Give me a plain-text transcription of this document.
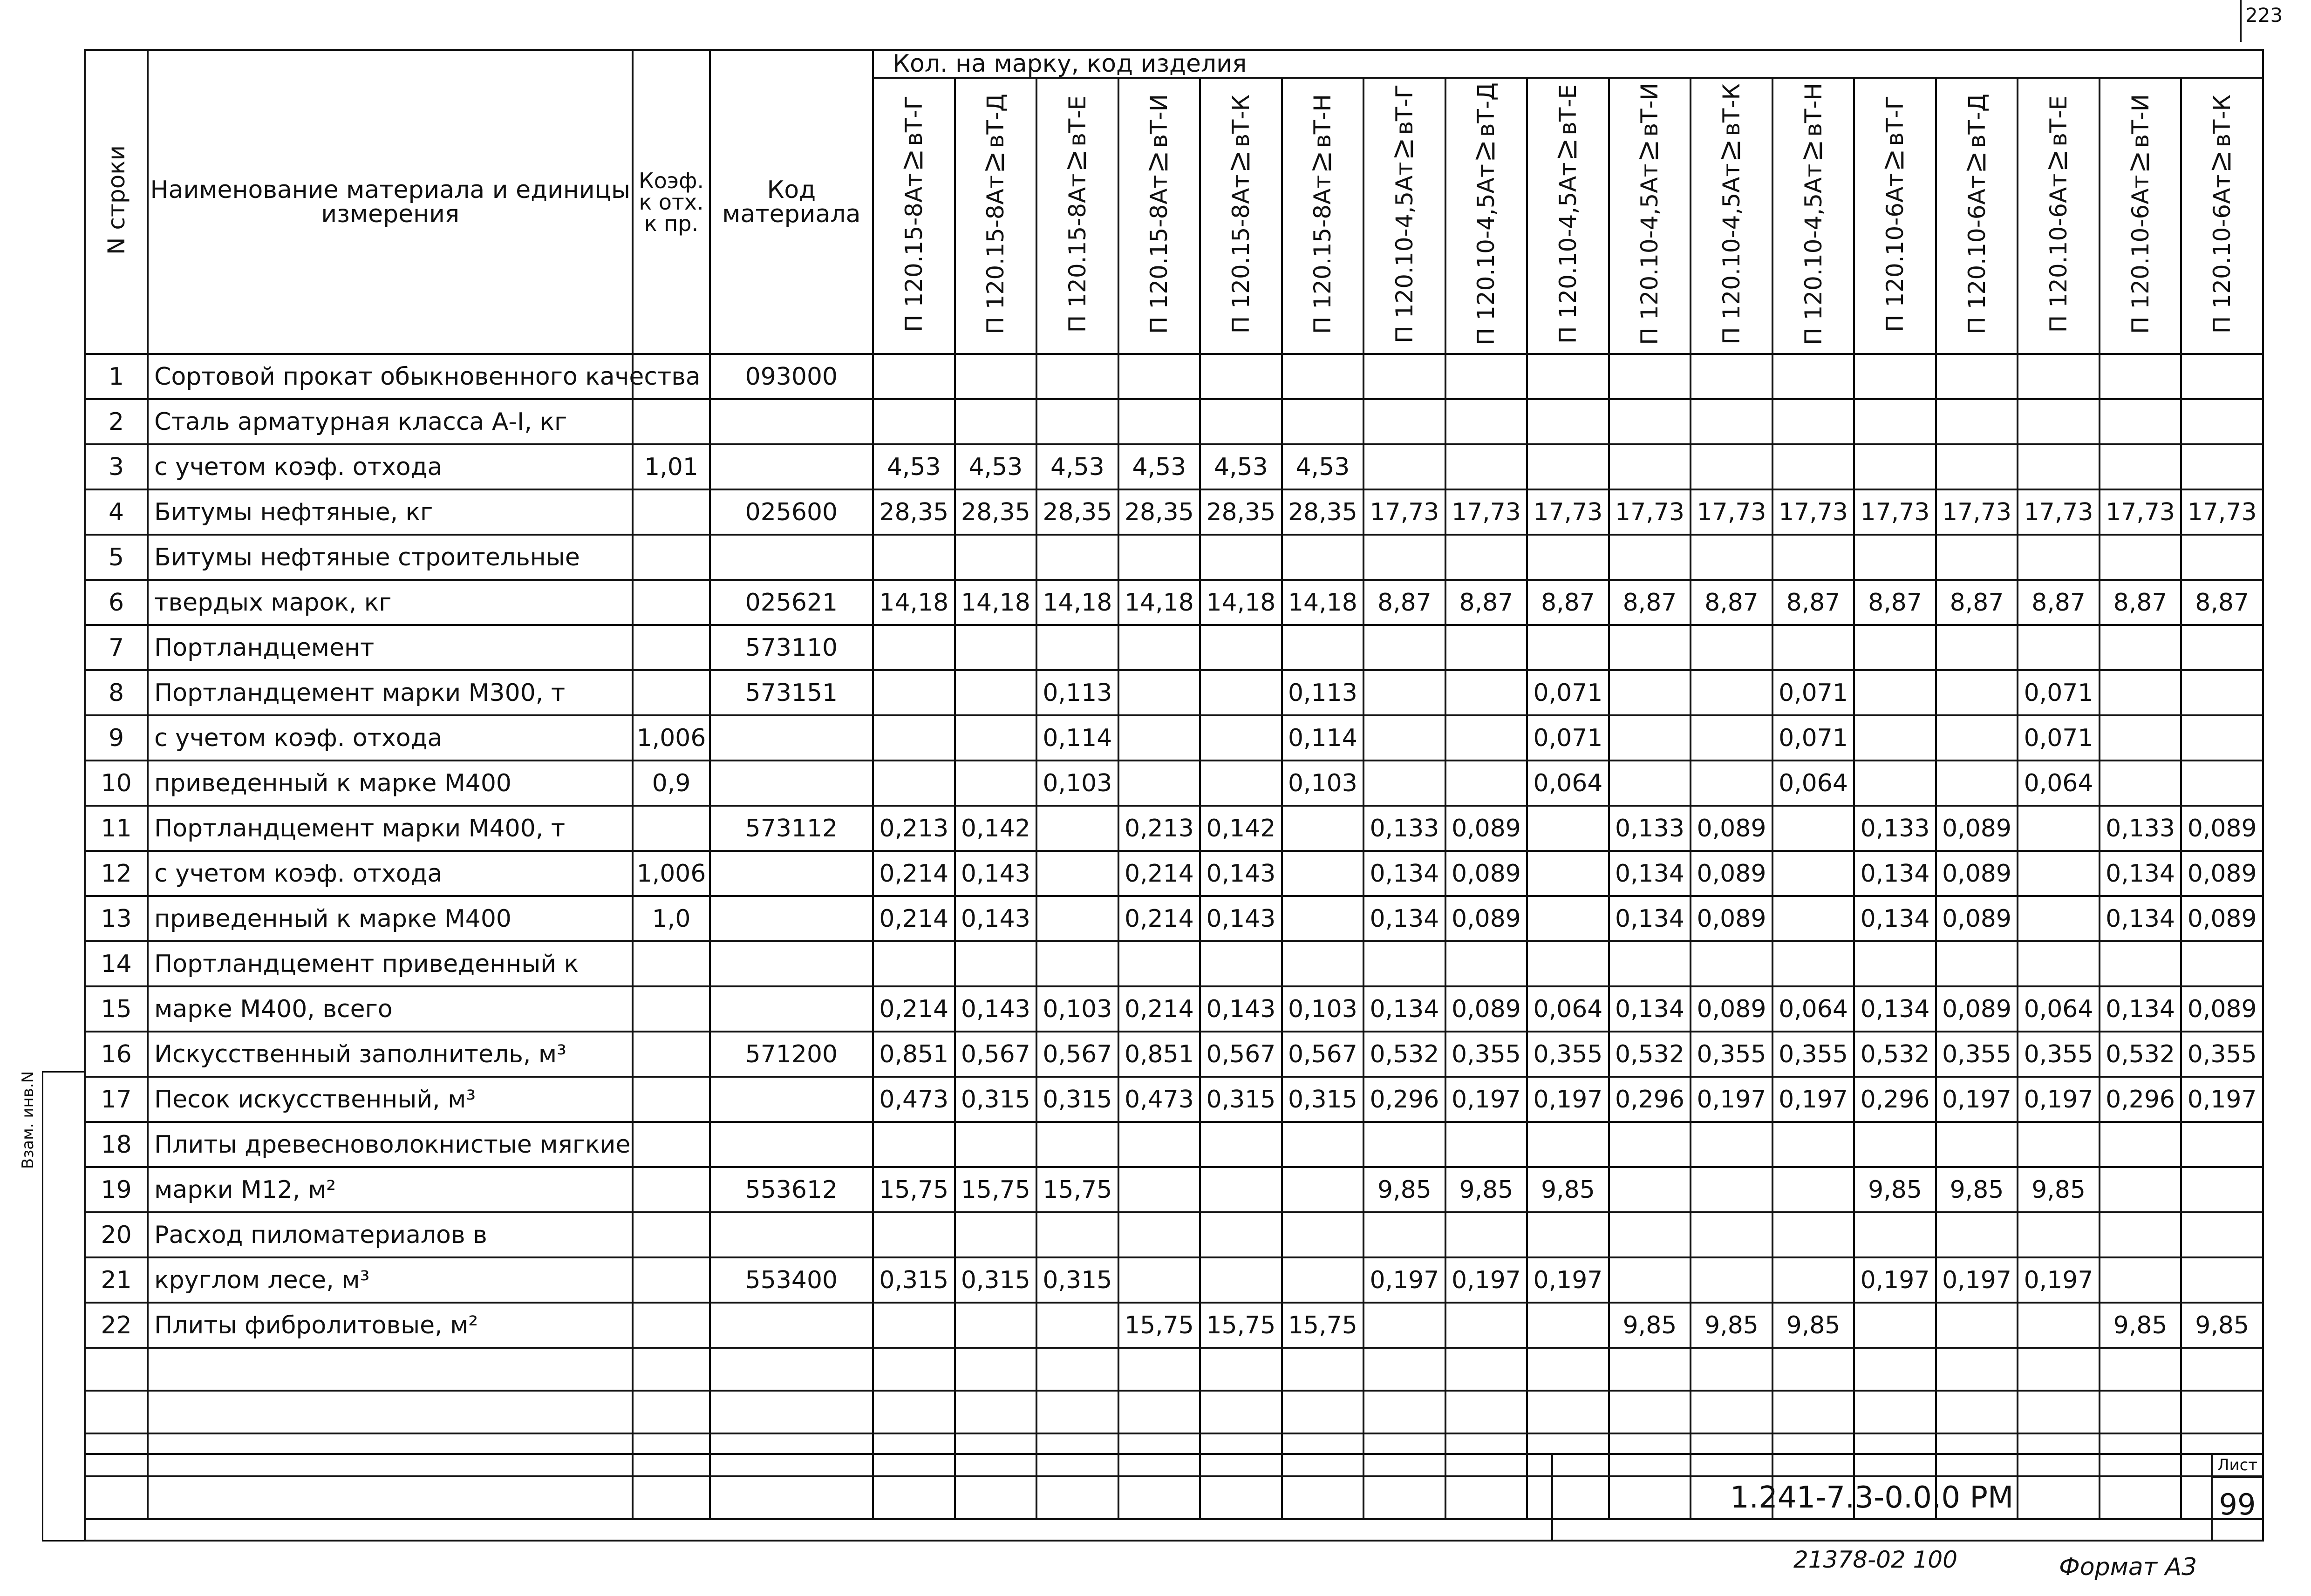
223
Взам. инв.N
N строки	Наименование материала и единицы измерения	Коэф. к отх. к пр.	Код материала	Кол. на марку, код изделия																
				П 120.15-8АтⅣвТ-Г	П 120.15-8АтⅣвТ-Д	П 120.15-8АтⅣвТ-Е	П 120.15-8АтⅣвТ-И	П 120.15-8АтⅣвТ-К	П 120.15-8АтⅣвТ-Н	П 120.10-4,5АтⅣвТ-Г	П 120.10-4,5АтⅣвТ-Д	П 120.10-4,5АтⅣвТ-Е	П 120.10-4,5АтⅣвТ-И	П 120.10-4,5АтⅣвТ-К	П 120.10-4,5АтⅣвТ-Н	П 120.10-6АтⅣвТ-Г	П 120.10-6АтⅣвТ-Д	П 120.10-6АтⅣвТ-Е	П 120.10-6АтⅣвТ-И	П 120.10-6АтⅣвТ-К
1	Сортовой прокат обыкновенного качества		093000																	
2	Сталь арматурная класса А-I, кг																			
3	с учетом коэф. отхода	1,01		4,53	4,53	4,53	4,53	4,53	4,53											
4	Битумы нефтяные, кг		025600	28,35	28,35	28,35	28,35	28,35	28,35	17,73	17,73	17,73	17,73	17,73	17,73	17,73	17,73	17,73	17,73	17,73
5	Битумы нефтяные строительные																			
6	твердых марок, кг		025621	14,18	14,18	14,18	14,18	14,18	14,18	8,87	8,87	8,87	8,87	8,87	8,87	8,87	8,87	8,87	8,87	8,87
7	Портландцемент		573110																	
8	Портландцемент марки М300, т		573151			0,113			0,113			0,071			0,071			0,071		
9	с учетом коэф. отхода	1,006				0,114			0,114			0,071			0,071			0,071		
10	приведенный к марке М400	0,9				0,103			0,103			0,064			0,064			0,064		
11	Портландцемент марки М400, т		573112	0,213	0,142		0,213	0,142		0,133	0,089		0,133	0,089		0,133	0,089		0,133	0,089
12	с учетом коэф. отхода	1,006		0,214	0,143		0,214	0,143		0,134	0,089		0,134	0,089		0,134	0,089		0,134	0,089
13	приведенный к марке М400	1,0		0,214	0,143		0,214	0,143		0,134	0,089		0,134	0,089		0,134	0,089		0,134	0,089
14	Портландцемент приведенный к																			
15	марке М400, всего			0,214	0,143	0,103	0,214	0,143	0,103	0,134	0,089	0,064	0,134	0,089	0,064	0,134	0,089	0,064	0,134	0,089
16	Искусственный заполнитель, м³		571200	0,851	0,567	0,567	0,851	0,567	0,567	0,532	0,355	0,355	0,532	0,355	0,355	0,532	0,355	0,355	0,532	0,355
17	Песок искусственный, м³			0,473	0,315	0,315	0,473	0,315	0,315	0,296	0,197	0,197	0,296	0,197	0,197	0,296	0,197	0,197	0,296	0,197
18	Плиты древесноволокнистые мягкие																			
19	марки М12, м²		553612	15,75	15,75	15,75				9,85	9,85	9,85				9,85	9,85	9,85		
20	Расход пиломатериалов в																			
21	круглом лесе, м³		553400	0,315	0,315	0,315				0,197	0,197	0,197				0,197	0,197	0,197		
22	Плиты фибролитовые, м²						15,75	15,75	15,75				9,85	9,85	9,85				9,85	9,85

1.241-7.3-0.0.0 РМ
Лист
99
21378-02 100	Формат А3
